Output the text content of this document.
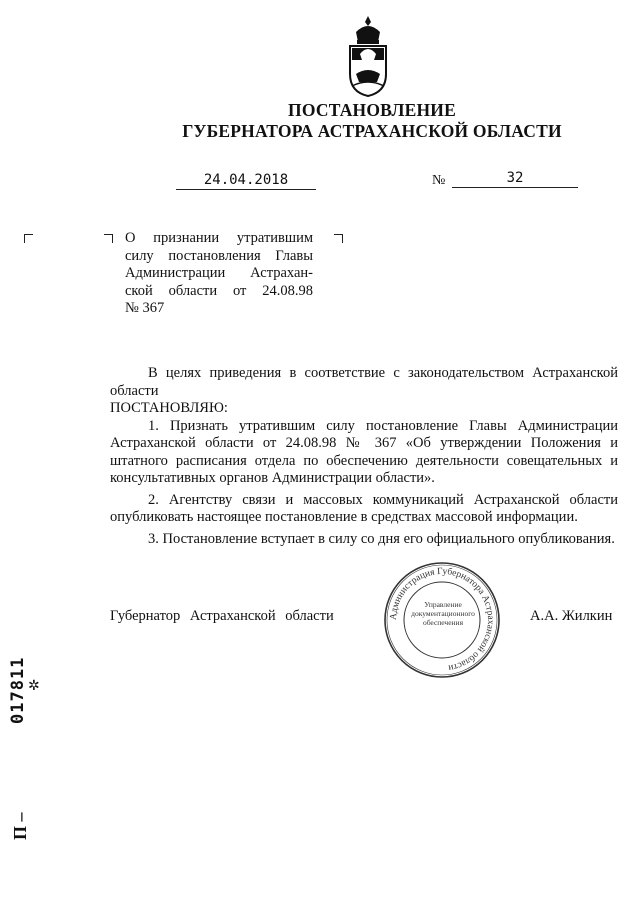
ПОСТАНОВЛЕНИЕ
ГУБЕРНАТОРА АСТРАХАНСКОЙ ОБЛАСТИ
24.04.2018	№	32
О признании утратившим
силу постановления Главы
Администрации Астрахан-
ской области от 24.08.98
№ 367

В целях приведения в соответствие с законодательством Астраханской области

ПОСТАНОВЛЯЮ:

1. Признать утратившим силу постановление Главы Администрации Астраханской области от 24.08.98 № 367 «Об утверждении Положения и штатного расписания отдела по обеспечению деятельности совещательных и консультативных органов Администрации области».

2. Агентству связи и массовых коммуникаций Астраханской области опубликовать настоящее постановление в средствах массовой информации.

3. Постановление вступает в силу со дня его официального опубликования.

Губернатор Астраханской области	А.А. Жилкин
Администрация Губернатора Астраханской области
Управление документационного обеспечения
✲
017811
П –
